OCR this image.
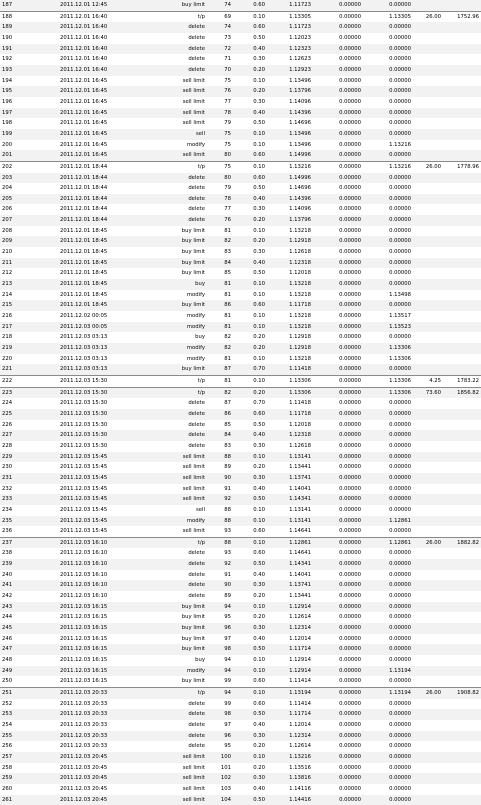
187	2011.12.01 12:45	buy limit	74	0.60	1.11723	0.00000	0.00000		
188	2011.12.01 16:40	t/p	69	0.10	1.13305	0.00000	1.13305	26.00	1752.96
189	2011.12.01 16:40	delete	74	0.60	1.11723	0.00000	0.00000		
190	2011.12.01 16:40	delete	73	0.50	1.12023	0.00000	0.00000		
191	2011.12.01 16:40	delete	72	0.40	1.12323	0.00000	0.00000		
192	2011.12.01 16:40	delete	71	0.30	1.12623	0.00000	0.00000		
193	2011.12.01 16:40	delete	70	0.20	1.12923	0.00000	0.00000		
194	2011.12.01 16:45	sell limit	75	0.10	1.13496	0.00000	0.00000		
195	2011.12.01 16:45	sell limit	76	0.20	1.13796	0.00000	0.00000		
196	2011.12.01 16:45	sell limit	77	0.30	1.14096	0.00000	0.00000		
197	2011.12.01 16:45	sell limit	78	0.40	1.14396	0.00000	0.00000		
198	2011.12.01 16:45	sell limit	79	0.50	1.14696	0.00000	0.00000		
199	2011.12.01 16:45	sell	75	0.10	1.13496	0.00000	0.00000		
200	2011.12.01 16:45	modify	75	0.10	1.13496	0.00000	1.13216		
201	2011.12.01 16:45	sell limit	80	0.60	1.14996	0.00000	0.00000		
202	2011.12.01 18:44	t/p	75	0.10	1.13216	0.00000	1.13216	26.00	1778.96
203	2011.12.01 18:44	delete	80	0.60	1.14996	0.00000	0.00000		
204	2011.12.01 18:44	delete	79	0.50	1.14696	0.00000	0.00000		
205	2011.12.01 18:44	delete	78	0.40	1.14396	0.00000	0.00000		
206	2011.12.01 18:44	delete	77	0.30	1.14096	0.00000	0.00000		
207	2011.12.01 18:44	delete	76	0.20	1.13796	0.00000	0.00000		
208	2011.12.01 18:45	buy limit	81	0.10	1.13218	0.00000	0.00000		
209	2011.12.01 18:45	buy limit	82	0.20	1.12918	0.00000	0.00000		
210	2011.12.01 18:45	buy limit	83	0.30	1.12618	0.00000	0.00000		
211	2011.12.01 18:45	buy limit	84	0.40	1.12318	0.00000	0.00000		
212	2011.12.01 18:45	buy limit	85	0.50	1.12018	0.00000	0.00000		
213	2011.12.01 18:45	buy	81	0.10	1.13218	0.00000	0.00000		
214	2011.12.01 18:45	modify	81	0.10	1.13218	0.00000	1.13498		
215	2011.12.01 18:45	buy limit	86	0.60	1.11718	0.00000	0.00000		
216	2011.12.02 00:05	modify	81	0.10	1.13218	0.00000	1.13517		
217	2011.12.03 00:05	modify	81	0.10	1.13218	0.00000	1.13523		
218	2011.12.03 03:13	buy	82	0.20	1.12918	0.00000	0.00000		
219	2011.12.03 03:13	modify	82	0.20	1.12918	0.00000	1.13306		
220	2011.12.03 03:13	modify	81	0.10	1.13218	0.00000	1.13306		
221	2011.12.03 03:13	buy limit	87	0.70	1.11418	0.00000	0.00000		
222	2011.12.03 15:30	t/p	81	0.10	1.13306	0.00000	1.13306	4.25	1783.22
223	2011.12.03 15:30	t/p	82	0.20	1.13306	0.00000	1.13306	73.60	1856.82
224	2011.12.03 15:30	delete	87	0.70	1.11418	0.00000	0.00000		
225	2011.12.03 15:30	delete	86	0.60	1.11718	0.00000	0.00000		
226	2011.12.03 15:30	delete	85	0.50	1.12018	0.00000	0.00000		
227	2011.12.03 15:30	delete	84	0.40	1.12318	0.00000	0.00000		
228	2011.12.03 15:30	delete	83	0.30	1.12618	0.00000	0.00000		
229	2011.12.03 15:45	sell limit	88	0.10	1.13141	0.00000	0.00000		
230	2011.12.03 15:45	sell limit	89	0.20	1.13441	0.00000	0.00000		
231	2011.12.03 15:45	sell limit	90	0.30	1.13741	0.00000	0.00000		
232	2011.12.03 15:45	sell limit	91	0.40	1.14041	0.00000	0.00000		
233	2011.12.03 15:45	sell limit	92	0.50	1.14341	0.00000	0.00000		
234	2011.12.03 15:45	sell	88	0.10	1.13141	0.00000	0.00000		
235	2011.12.03 15:45	modify	88	0.10	1.13141	0.00000	1.12861		
236	2011.12.03 15:45	sell limit	93	0.60	1.14641	0.00000	0.00000		
237	2011.12.03 16:10	t/p	88	0.10	1.12861	0.00000	1.12861	26.00	1882.82
238	2011.12.03 16:10	delete	93	0.60	1.14641	0.00000	0.00000		
239	2011.12.03 16:10	delete	92	0.50	1.14341	0.00000	0.00000		
240	2011.12.03 16:10	delete	91	0.40	1.14041	0.00000	0.00000		
241	2011.12.03 16:10	delete	90	0.30	1.13741	0.00000	0.00000		
242	2011.12.03 16:10	delete	89	0.20	1.13441	0.00000	0.00000		
243	2011.12.03 16:15	buy limit	94	0.10	1.12914	0.00000	0.00000		
244	2011.12.03 16:15	buy limit	95	0.20	1.12614	0.00000	0.00000		
245	2011.12.03 16:15	buy limit	96	0.30	1.12314	0.00000	0.00000		
246	2011.12.03 16:15	buy limit	97	0.40	1.12014	0.00000	0.00000		
247	2011.12.03 16:15	buy limit	98	0.50	1.11714	0.00000	0.00000		
248	2011.12.03 16:15	buy	94	0.10	1.12914	0.00000	0.00000		
249	2011.12.03 16:15	modify	94	0.10	1.12914	0.00000	1.13194		
250	2011.12.03 16:15	buy limit	99	0.60	1.11414	0.00000	0.00000		
251	2011.12.03 20:33	t/p	94	0.10	1.13194	0.00000	1.13194	26.00	1908.82
252	2011.12.03 20:33	delete	99	0.60	1.11414	0.00000	0.00000		
253	2011.12.03 20:33	delete	98	0.50	1.11714	0.00000	0.00000		
254	2011.12.03 20:33	delete	97	0.40	1.12014	0.00000	0.00000		
255	2011.12.03 20:33	delete	96	0.30	1.12314	0.00000	0.00000		
256	2011.12.03 20:33	delete	95	0.20	1.12614	0.00000	0.00000		
257	2011.12.03 20:45	sell limit	100	0.10	1.13216	0.00000	0.00000		
258	2011.12.03 20:45	sell limit	101	0.20	1.13516	0.00000	0.00000		
259	2011.12.03 20:45	sell limit	102	0.30	1.13816	0.00000	0.00000		
260	2011.12.03 20:45	sell limit	103	0.40	1.14116	0.00000	0.00000		
261	2011.12.03 20:45	sell limit	104	0.50	1.14416	0.00000	0.00000		
